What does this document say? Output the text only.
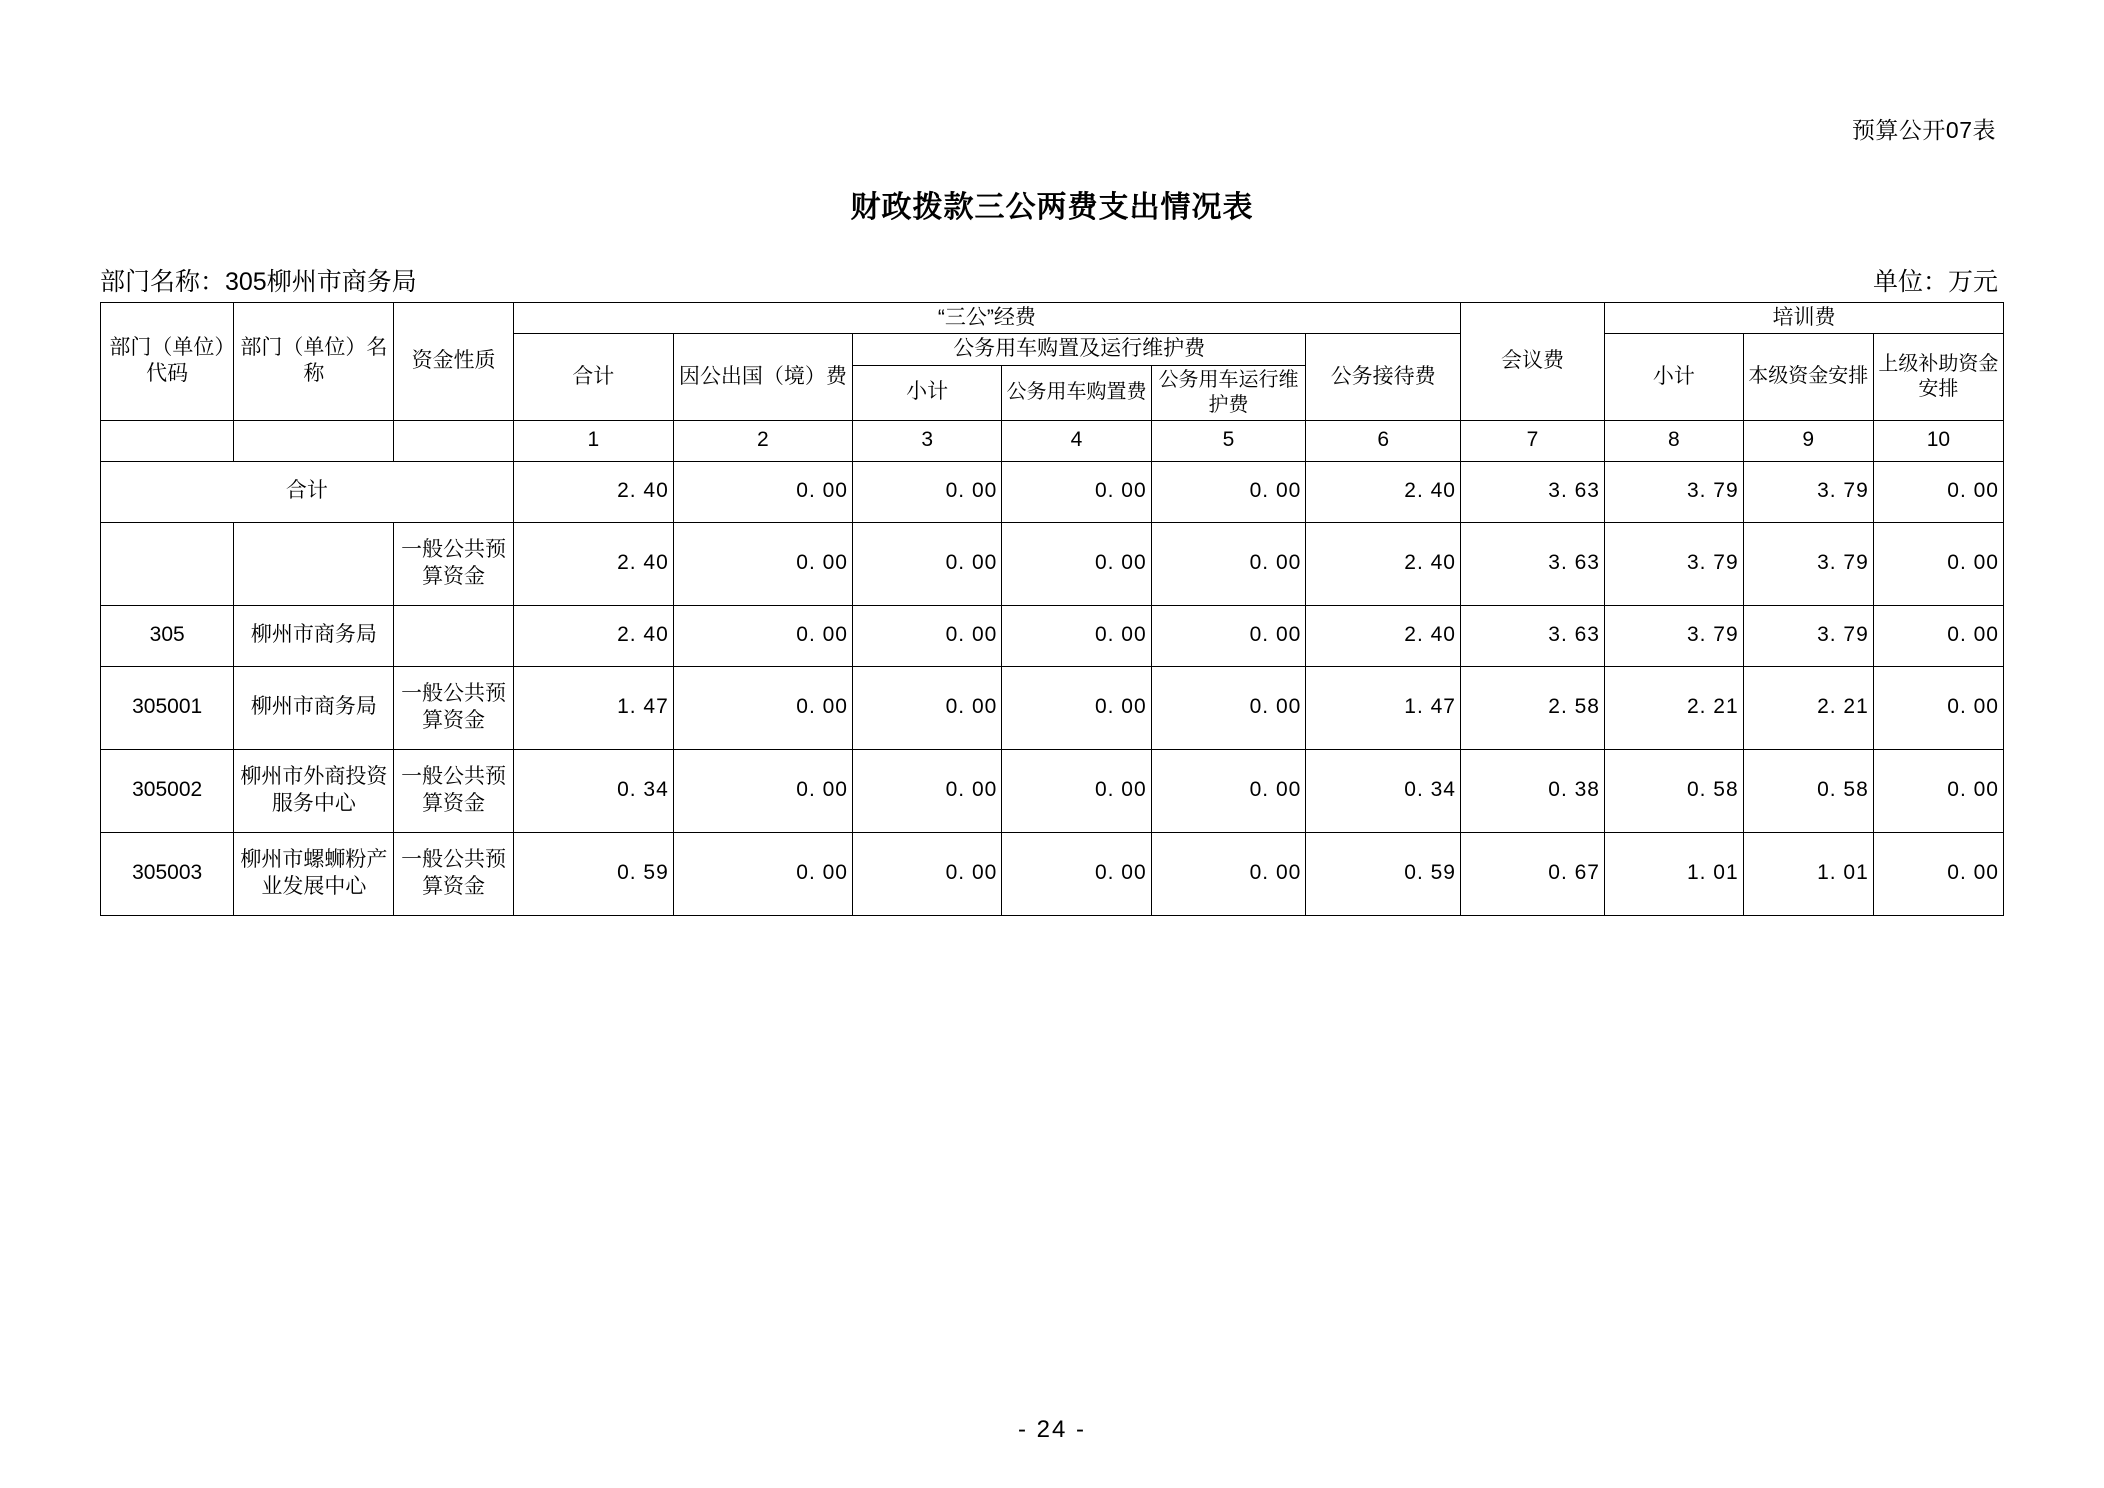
预算公开07表
财政拨款三公两费支出情况表
部门名称：305柳州市商务局	单位：万元
部门（单位）代码	部门（单位）名称	资金性质	“三公”经费						会议费	培训费		
			合计	因公出国（境）费	公务用车购置及运行维护费			公务接待费		小计	本级资金安排	上级补助资金安排
					小计	公务用车购置费	公务用车运行维护费					
			1	2	3	4	5	6	7	8	9	10
合计			2. 40	0. 00	0. 00	0. 00	0. 00	2. 40	3. 63	3. 79	3. 79	0. 00
		一般公共预算资金	2. 40	0. 00	0. 00	0. 00	0. 00	2. 40	3. 63	3. 79	3. 79	0. 00
305	柳州市商务局		2. 40	0. 00	0. 00	0. 00	0. 00	2. 40	3. 63	3. 79	3. 79	0. 00
305001	柳州市商务局	一般公共预算资金	1. 47	0. 00	0. 00	0. 00	0. 00	1. 47	2. 58	2. 21	2. 21	0. 00
305002	柳州市外商投资服务中心	一般公共预算资金	0. 34	0. 00	0. 00	0. 00	0. 00	0. 34	0. 38	0. 58	0. 58	0. 00
305003	柳州市螺蛳粉产业发展中心	一般公共预算资金	0. 59	0. 00	0. 00	0. 00	0. 00	0. 59	0. 67	1. 01	1. 01	0. 00
- 24 -
